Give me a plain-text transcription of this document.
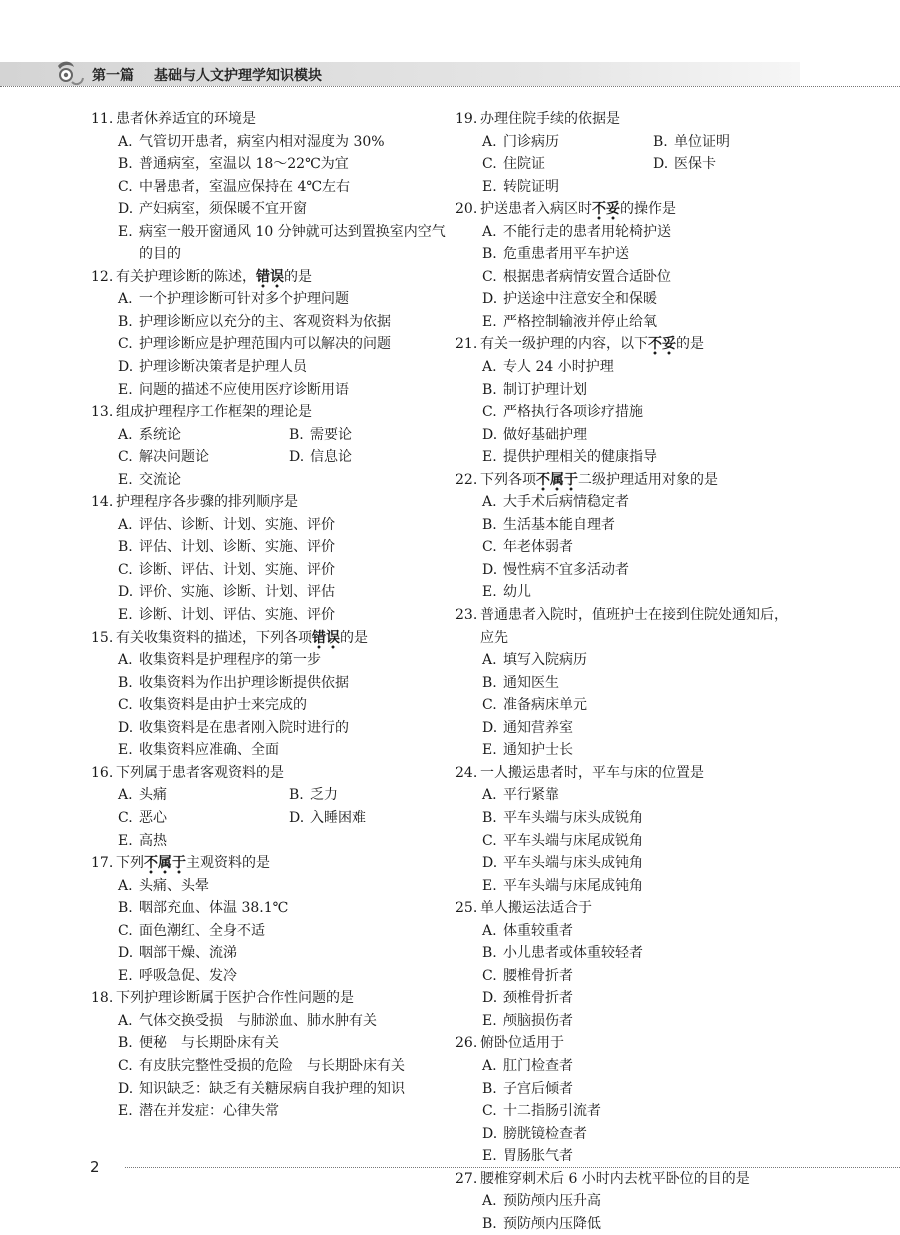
第一篇 基础与人文护理学知识模块
11. 患者休养适宜的环境是
A. 气管切开患者，病室内相对湿度为 30%
B. 普通病室，室温以 18～22℃为宜
C. 中暑患者，室温应保持在 4℃左右
D. 产妇病室，须保暖不宜开窗
E. 病室一般开窗通风 10 分钟就可达到置换室内空气的目的
12. 有关护理诊断的陈述，错误的是
A. 一个护理诊断可针对多个护理问题
B. 护理诊断应以充分的主、客观资料为依据
C. 护理诊断应是护理范围内可以解决的问题
D. 护理诊断决策者是护理人员
E. 问题的描述不应使用医疗诊断用语
13. 组成护理程序工作框架的理论是
A. 系统论	B. 需要论
C. 解决问题论	D. 信息论
E. 交流论
14. 护理程序各步骤的排列顺序是
A. 评估、诊断、计划、实施、评价
B. 评估、计划、诊断、实施、评价
C. 诊断、评估、计划、实施、评价
D. 评价、实施、诊断、计划、评估
E. 诊断、计划、评估、实施、评价
15. 有关收集资料的描述，下列各项错误的是
A. 收集资料是护理程序的第一步
B. 收集资料为作出护理诊断提供依据
C. 收集资料是由护士来完成的
D. 收集资料是在患者刚入院时进行的
E. 收集资料应准确、全面
16. 下列属于患者客观资料的是
A. 头痛	B. 乏力
C. 恶心	D. 入睡困难
E. 高热
17. 下列不属于主观资料的是
A. 头痛、头晕
B. 咽部充血、体温 38.1℃
C. 面色潮红、全身不适
D. 咽部干燥、流涕
E. 呼吸急促、发冷
18. 下列护理诊断属于医护合作性问题的是
A. 气体交换受损　与肺淤血、肺水肿有关
B. 便秘　与长期卧床有关
C. 有皮肤完整性受损的危险　与长期卧床有关
D. 知识缺乏：缺乏有关糖尿病自我护理的知识
E. 潜在并发症：心律失常
19. 办理住院手续的依据是
A. 门诊病历	B. 单位证明
C. 住院证	D. 医保卡
E. 转院证明
20. 护送患者入病区时不妥的操作是
A. 不能行走的患者用轮椅护送
B. 危重患者用平车护送
C. 根据患者病情安置合适卧位
D. 护送途中注意安全和保暖
E. 严格控制输液并停止给氧
21. 有关一级护理的内容，以下不妥的是
A. 专人 24 小时护理
B. 制订护理计划
C. 严格执行各项诊疗措施
D. 做好基础护理
E. 提供护理相关的健康指导
22. 下列各项不属于二级护理适用对象的是
A. 大手术后病情稳定者
B. 生活基本能自理者
C. 年老体弱者
D. 慢性病不宜多活动者
E. 幼儿
23. 普通患者入院时，值班护士在接到住院处通知后，应先
A. 填写入院病历
B. 通知医生
C. 准备病床单元
D. 通知营养室
E. 通知护士长
24. 一人搬运患者时，平车与床的位置是
A. 平行紧靠
B. 平车头端与床头成锐角
C. 平车头端与床尾成锐角
D. 平车头端与床头成钝角
E. 平车头端与床尾成钝角
25. 单人搬运法适合于
A. 体重较重者
B. 小儿患者或体重较轻者
C. 腰椎骨折者
D. 颈椎骨折者
E. 颅脑损伤者
26. 俯卧位适用于
A. 肛门检查者
B. 子宫后倾者
C. 十二指肠引流者
D. 膀胱镜检查者
E. 胃肠胀气者
27. 腰椎穿刺术后 6 小时内去枕平卧位的目的是
A. 预防颅内压升高
B. 预防颅内压降低
2
